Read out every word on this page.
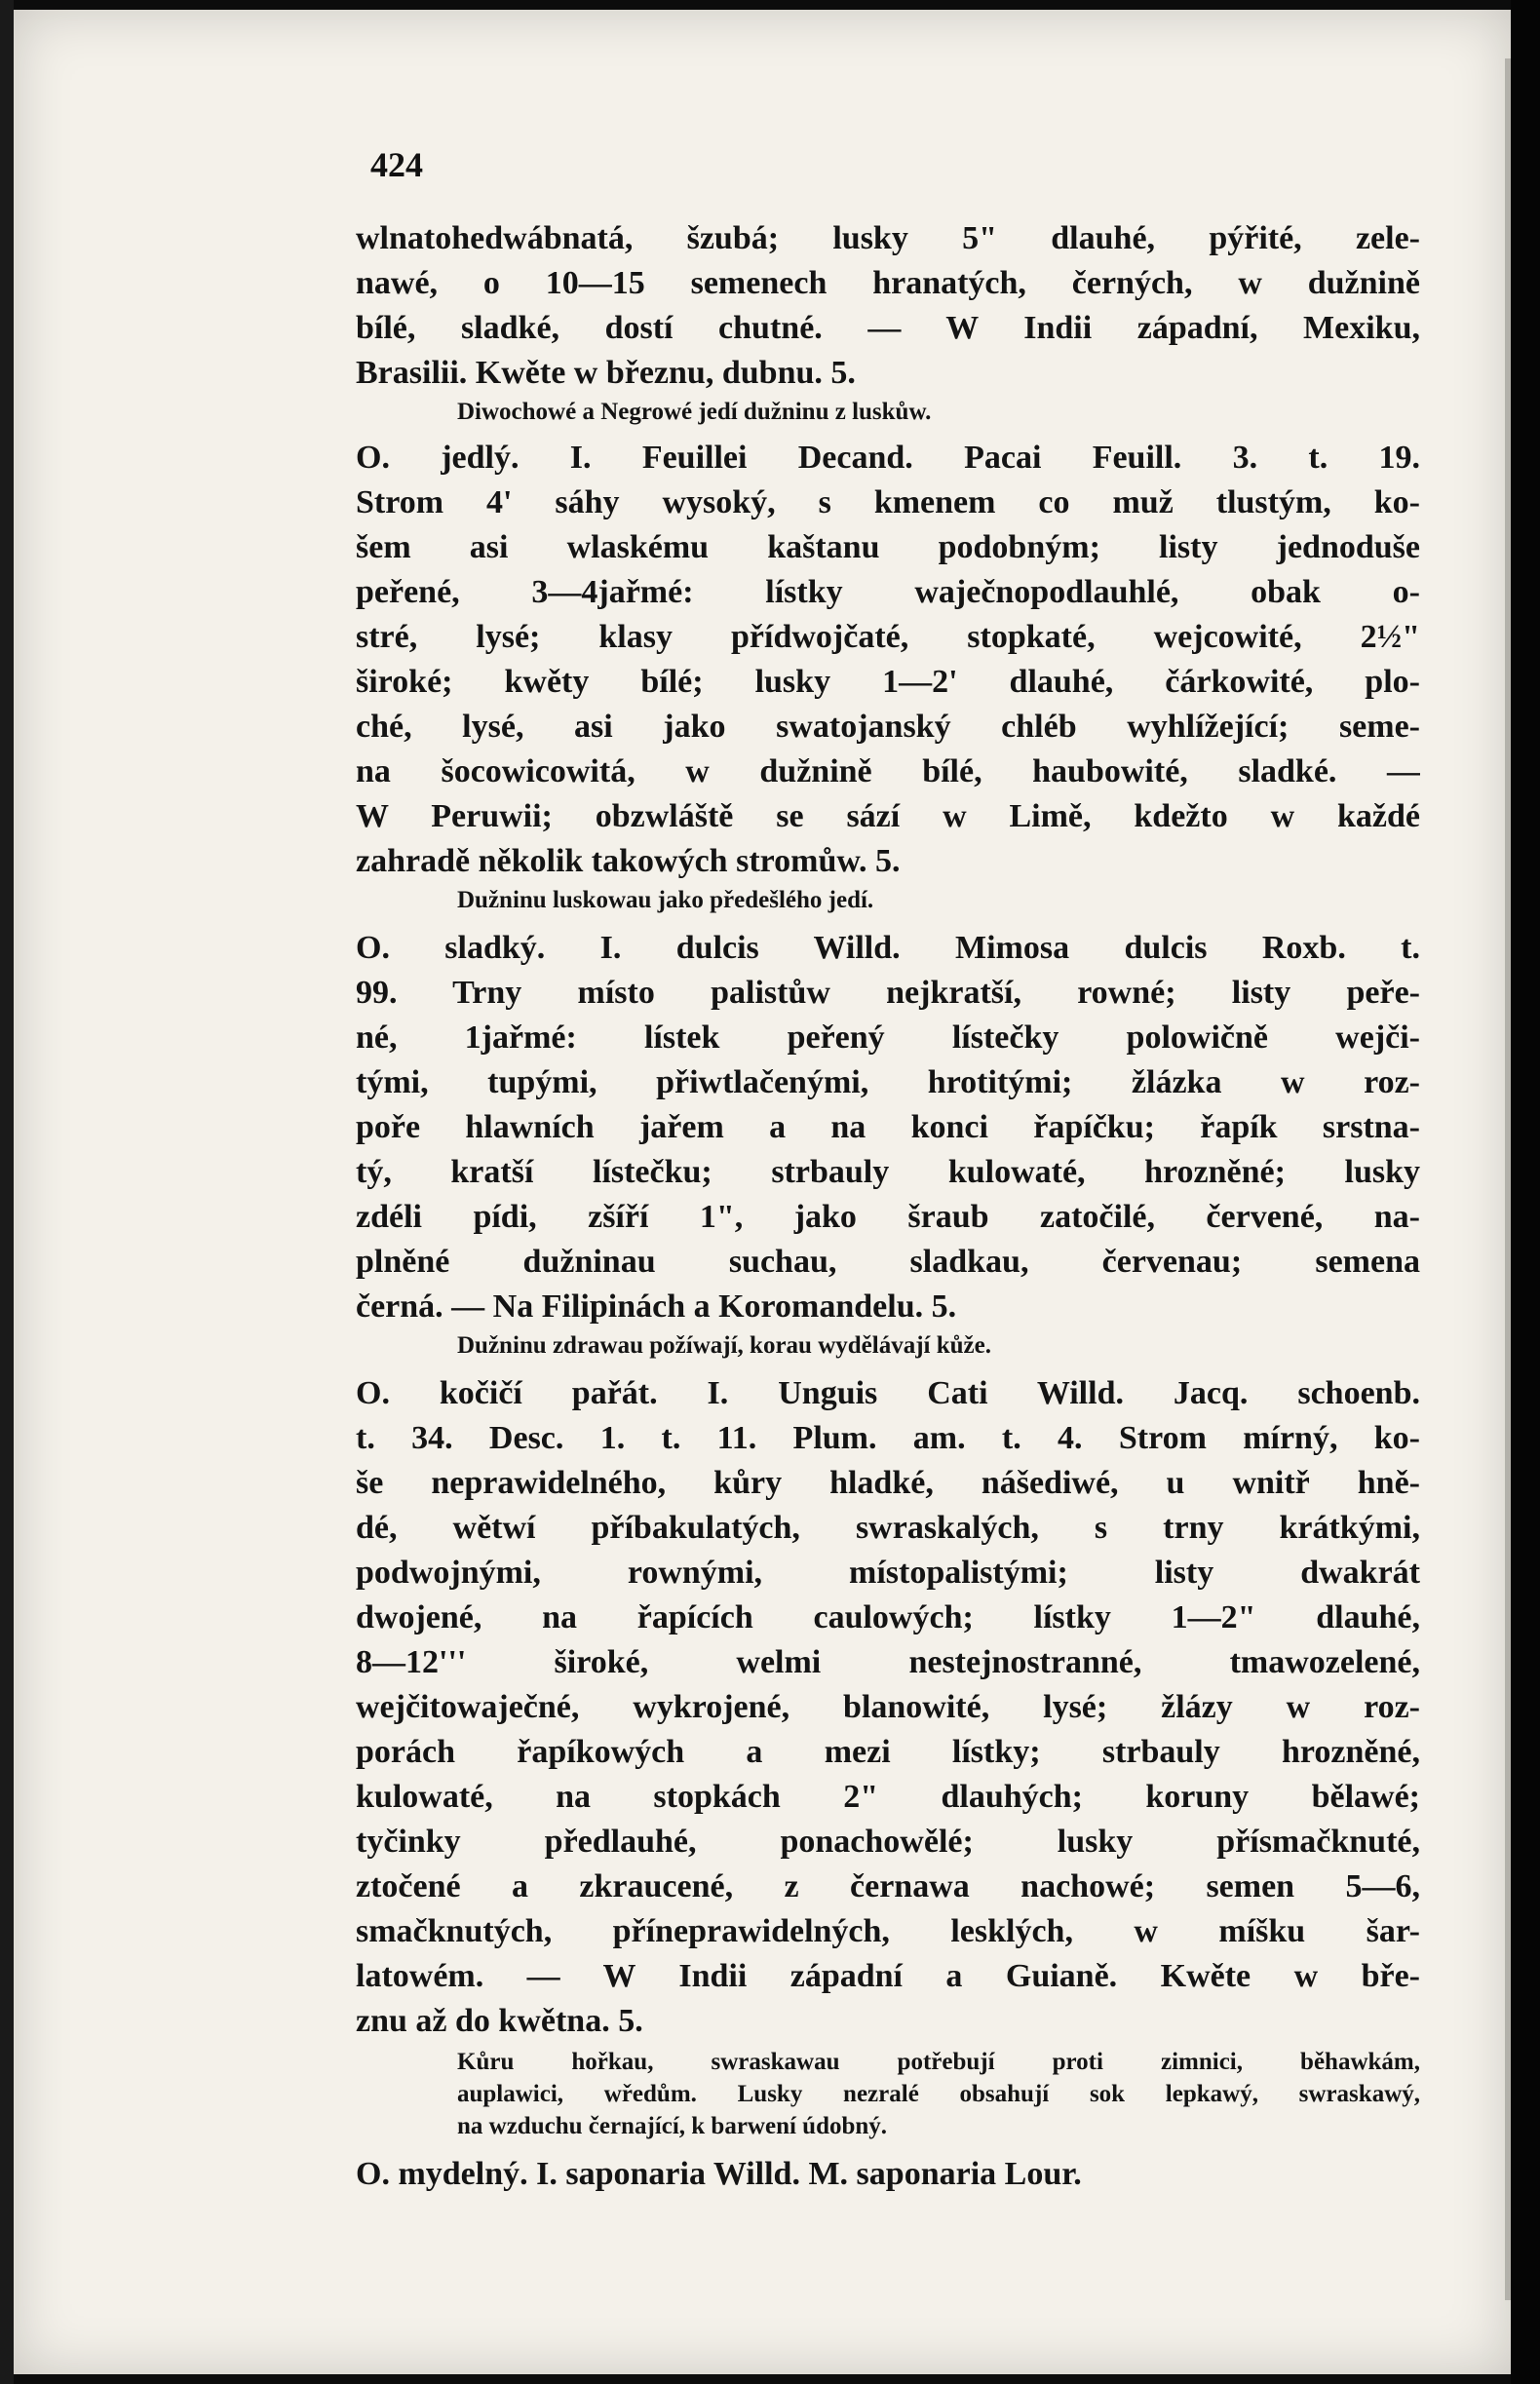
424
wlnatohedwábnatá, šzubá; lusky 5" dlauhé, pýřité, zele-
nawé, o 10—15 semenech hranatých, černých, w dužnině
bílé, sladké, dostí chutné. — W Indii západní, Mexiku,
Brasilii. Kwěte w březnu, dubnu. 5.
Diwochowé a Negrowé jedí dužninu z luskůw.
O. jedlý. I. Feuillei Decand. Pacai Feuill. 3. t. 19.
Strom 4' sáhy wysoký, s kmenem co muž tlustým, ko-
šem asi wlaskému kaštanu podobným; listy jednoduše
peřené, 3—4jařmé: lístky waječnopodlauhlé, obak o-
stré, lysé; klasy přídwojčaté, stopkaté, wejcowité, 2½"
široké; kwěty bílé; lusky 1—2' dlauhé, čárkowité, plo-
ché, lysé, asi jako swatojanský chléb wyhlížející; seme-
na šocowicowitá, w dužnině bílé, haubowité, sladké. —
W Peruwii; obzwláště se sází w Limě, kdežto w každé
zahradě několik takowých stromůw. 5.
Dužninu luskowau jako předešlého jedí.
O. sladký. I. dulcis Willd. Mimosa dulcis Roxb. t.
99. Trny místo palistůw nejkratší, rowné; listy peře-
né, 1jařmé: lístek peřený lístečky polowičně wejči-
tými, tupými, přiwtlačenými, hrotitými; žlázka w roz-
poře hlawních jařem a na konci řapíčku; řapík srstna-
tý, kratší lístečku; strbauly kulowaté, hrozněné; lusky
zdéli pídi, zšíří 1", jako šraub zatočilé, červené, na-
plněné dužninau suchau, sladkau, červenau; semena
černá. — Na Filipinách a Koromandelu. 5.
Dužninu zdrawau požíwají, korau wydělávají kůže.
O. kočičí pařát. I. Unguis Cati Willd. Jacq. schoenb.
t. 34. Desc. 1. t. 11. Plum. am. t. 4. Strom mírný, ko-
še neprawidelného, kůry hladké, nášediwé, u wnitř hně-
dé, wětwí příbakulatých, swraskalých, s trny krátkými,
podwojnými, rownými, místopalistými; listy dwakrát
dwojené, na řapících caulowých; lístky 1—2" dlauhé,
8—12''' široké, welmi nestejnostranné, tmawozelené,
wejčitowaječné, wykrojené, blanowité, lysé; žlázy w roz-
porách řapíkowých a mezi lístky; strbauly hrozněné,
kulowaté, na stopkách 2" dlauhých; koruny bělawé;
tyčinky předlauhé, ponachowělé; lusky přísmačknuté,
ztočené a zkraucené, z černawa nachowé; semen 5—6,
smačknutých, příneprawidelných, lesklých, w míšku šar-
latowém. — W Indii západní a Guianě. Kwěte w bře-
znu až do kwětna. 5.
Kůru hořkau, swraskawau potřebují proti zimnici, běhawkám,
auplawici, wředům. Lusky nezralé obsahují sok lepkawý, swraskawý,
na wzduchu černající, k barwení údobný.
O. mydelný. I. saponaria Willd. M. saponaria Lour.
